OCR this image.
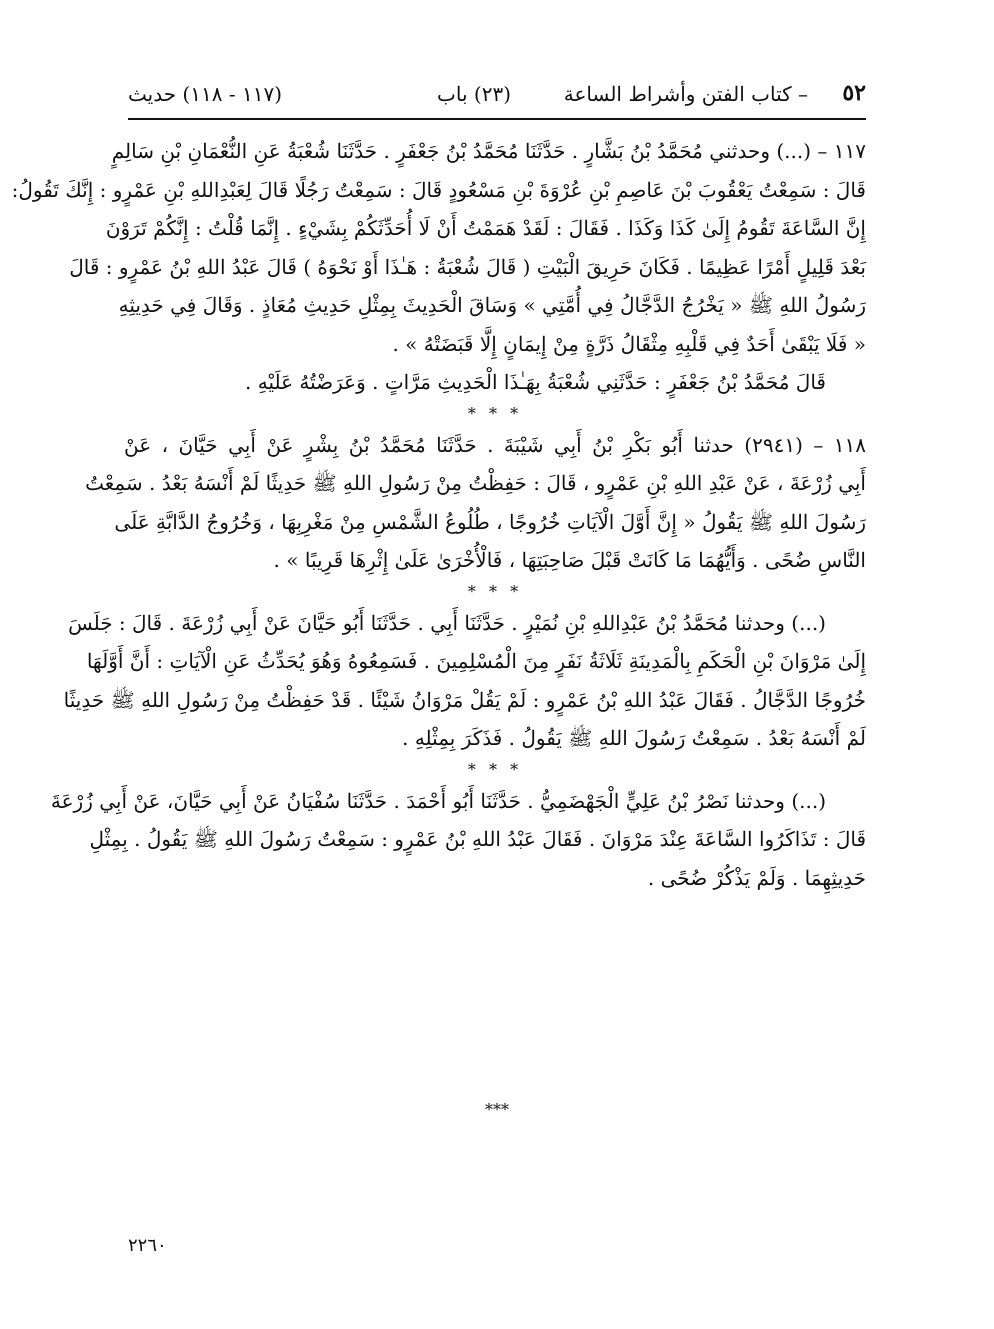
٥٢
– كتاب الفتن وأشراط الساعة
(٢٣) باب
(١١٧ - ١١٨) حديث
١١٧ – (...) وحدثني مُحَمَّدُ بْنُ بَشَّارٍ . حَدَّثَنَا مُحَمَّدُ بْنُ جَعْفَرٍ . حَدَّثَنَا شُعْبَةُ عَنِ النُّعْمَانِ بْنِ سَالِمٍ
قَالَ : سَمِعْتُ يَعْقُوبَ بْنَ عَاصِمِ بْنِ عُرْوَةَ بْنِ مَسْعُودٍ قَالَ : سَمِعْتُ رَجُلًا قَالَ لِعَبْدِاللهِ بْنِ عَمْرٍو : إِنَّكَ تَقُولُ:
إِنَّ السَّاعَةَ تَقُومُ إِلَىٰ كَذَا وَكَذَا . فَقَالَ : لَقَدْ هَمَمْتُ أَنْ لَا أُحَدِّثَكُمْ بِشَيْءٍ . إِنَّمَا قُلْتُ : إِنَّكُمْ تَرَوْنَ
بَعْدَ قَلِيلٍ أَمْرًا عَظِيمًا . فَكَانَ حَرِيقَ الْبَيْتِ ( قَالَ شُعْبَةُ : هَـٰذَا أَوْ نَحْوَهُ ) قَالَ عَبْدُ اللهِ بْنُ عَمْرٍو : قَالَ
رَسُولُ اللهِ ﷺ « يَخْرُجُ الدَّجَّالُ فِي أُمَّتِي » وَسَاقَ الْحَدِيثَ بِمِثْلِ حَدِيثِ مُعَاذٍ . وَقَالَ فِي حَدِيثِهِ
« فَلَا يَبْقَىٰ أَحَدٌ فِي قَلْبِهِ مِثْقَالُ ذَرَّةٍ مِنْ إِيمَانٍ إِلَّا قَبَضَتْهُ » .
قَالَ مُحَمَّدُ بْنُ جَعْفَرٍ : حَدَّثَنِي شُعْبَةُ بِهَـٰذَا الْحَدِيثِ مَرَّاتٍ . وَعَرَضْتُهُ عَلَيْهِ .
* * *
١١٨ – (٢٩٤١) حدثنا أَبُو بَكْرِ بْنُ أَبِي شَيْبَةَ . حَدَّثَنَا مُحَمَّدُ بْنُ بِشْرٍ عَنْ أَبِي حَيَّانَ ، عَنْ
أَبِي زُرْعَةَ ، عَنْ عَبْدِ اللهِ بْنِ عَمْرٍو ، قَالَ : حَفِظْتُ مِنْ رَسُولِ اللهِ ﷺ حَدِيثًا لَمْ أَنْسَهُ بَعْدُ . سَمِعْتُ
رَسُولَ اللهِ ﷺ يَقُولُ « إِنَّ أَوَّلَ الْآيَاتِ خُرُوجًا ، طُلُوعُ الشَّمْسِ مِنْ مَغْرِبِهَا ، وَخُرُوجُ الدَّابَّةِ عَلَى
النَّاسِ ضُحًى . وَأَيُّهُمَا مَا كَانَتْ قَبْلَ صَاحِبَتِهَا ، فَالْأُخْرَىٰ عَلَىٰ إِثْرِهَا قَرِيبًا » .
* * *
(...) وحدثنا مُحَمَّدُ بْنُ عَبْدِاللهِ بْنِ نُمَيْرٍ . حَدَّثَنَا أَبِي . حَدَّثَنَا أَبُو حَيَّانَ عَنْ أَبِي زُرْعَةَ . قَالَ : جَلَسَ
إِلَىٰ مَرْوَانَ بْنِ الْحَكَمِ بِالْمَدِينَةِ ثَلَاثَةُ نَفَرٍ مِنَ الْمُسْلِمِينَ . فَسَمِعُوهُ وَهُوَ يُحَدِّثُ عَنِ الْآيَاتِ : أَنَّ أَوَّلَهَا
خُرُوجًا الدَّجَّالُ . فَقَالَ عَبْدُ اللهِ بْنُ عَمْرٍو : لَمْ يَقُلْ مَرْوَانُ شَيْئًا . قَدْ حَفِظْتُ مِنْ رَسُولِ اللهِ ﷺ حَدِيثًا
لَمْ أَنْسَهُ بَعْدُ . سَمِعْتُ رَسُولَ اللهِ ﷺ يَقُولُ . فَذَكَرَ بِمِثْلِهِ .
* * *
(...) وحدثنا نَصْرُ بْنُ عَلِيٍّ الْجَهْضَمِيُّ . حَدَّثَنَا أَبُو أَحْمَدَ . حَدَّثَنَا سُفْيَانُ عَنْ أَبِي حَيَّانَ، عَنْ أَبِي زُرْعَةَ
قَالَ : تَذَاكَرُوا السَّاعَةَ عِنْدَ مَرْوَانَ . فَقَالَ عَبْدُ اللهِ بْنُ عَمْرٍو : سَمِعْتُ رَسُولَ اللهِ ﷺ يَقُولُ . بِمِثْلِ
حَدِيثِهِمَا . وَلَمْ يَذْكُرْ ضُحًى .
***
٢٢٦٠
